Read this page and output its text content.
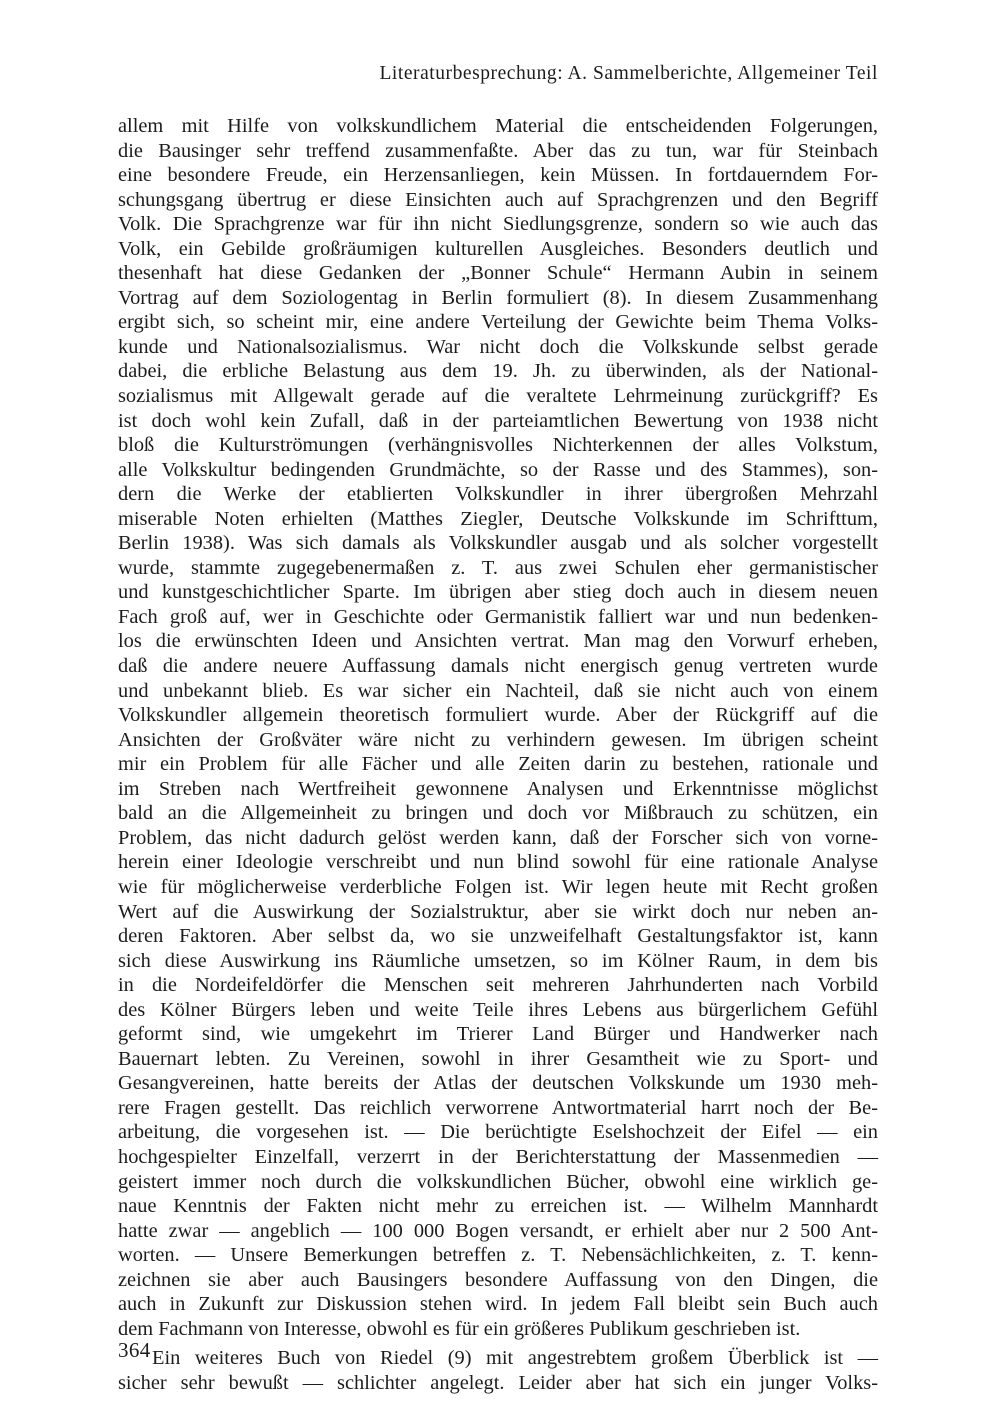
Literaturbesprechung: A. Sammelberichte, Allgemeiner Teil
allem mit Hilfe von volkskundlichem Material die entscheidenden Folgerungen,
die Bausinger sehr treffend zusammenfaßte. Aber das zu tun, war für Steinbach
eine besondere Freude, ein Herzensanliegen, kein Müssen. In fortdauerndem For-
schungsgang übertrug er diese Einsichten auch auf Sprachgrenzen und den Begriff
Volk. Die Sprachgrenze war für ihn nicht Siedlungsgrenze, sondern so wie auch das
Volk, ein Gebilde großräumigen kulturellen Ausgleiches. Besonders deutlich und
thesenhaft hat diese Gedanken der „Bonner Schule“ Hermann Aubin in seinem
Vortrag auf dem Soziologentag in Berlin formuliert (8). In diesem Zusammenhang
ergibt sich, so scheint mir, eine andere Verteilung der Gewichte beim Thema Volks-
kunde und Nationalsozialismus. War nicht doch die Volkskunde selbst gerade
dabei, die erbliche Belastung aus dem 19. Jh. zu überwinden, als der National-
sozialismus mit Allgewalt gerade auf die veraltete Lehrmeinung zurückgriff? Es
ist doch wohl kein Zufall, daß in der parteiamtlichen Bewertung von 1938 nicht
bloß die Kulturströmungen (verhängnisvolles Nichterkennen der alles Volkstum,
alle Volkskultur bedingenden Grundmächte, so der Rasse und des Stammes), son-
dern die Werke der etablierten Volkskundler in ihrer übergroßen Mehrzahl
miserable Noten erhielten (Matthes Ziegler, Deutsche Volkskunde im Schrifttum,
Berlin 1938). Was sich damals als Volkskundler ausgab und als solcher vorgestellt
wurde, stammte zugegebenermaßen z. T. aus zwei Schulen eher germanistischer
und kunstgeschichtlicher Sparte. Im übrigen aber stieg doch auch in diesem neuen
Fach groß auf, wer in Geschichte oder Germanistik falliert war und nun bedenken-
los die erwünschten Ideen und Ansichten vertrat. Man mag den Vorwurf erheben,
daß die andere neuere Auffassung damals nicht energisch genug vertreten wurde
und unbekannt blieb. Es war sicher ein Nachteil, daß sie nicht auch von einem
Volkskundler allgemein theoretisch formuliert wurde. Aber der Rückgriff auf die
Ansichten der Großväter wäre nicht zu verhindern gewesen. Im übrigen scheint
mir ein Problem für alle Fächer und alle Zeiten darin zu bestehen, rationale und
im Streben nach Wertfreiheit gewonnene Analysen und Erkenntnisse möglichst
bald an die Allgemeinheit zu bringen und doch vor Mißbrauch zu schützen, ein
Problem, das nicht dadurch gelöst werden kann, daß der Forscher sich von vorne-
herein einer Ideologie verschreibt und nun blind sowohl für eine rationale Analyse
wie für möglicherweise verderbliche Folgen ist. Wir legen heute mit Recht großen
Wert auf die Auswirkung der Sozialstruktur, aber sie wirkt doch nur neben an-
deren Faktoren. Aber selbst da, wo sie unzweifelhaft Gestaltungsfaktor ist, kann
sich diese Auswirkung ins Räumliche umsetzen, so im Kölner Raum, in dem bis
in die Nordeifeldörfer die Menschen seit mehreren Jahrhunderten nach Vorbild
des Kölner Bürgers leben und weite Teile ihres Lebens aus bürgerlichem Gefühl
geformt sind, wie umgekehrt im Trierer Land Bürger und Handwerker nach
Bauernart lebten. Zu Vereinen, sowohl in ihrer Gesamtheit wie zu Sport- und
Gesangvereinen, hatte bereits der Atlas der deutschen Volkskunde um 1930 meh-
rere Fragen gestellt. Das reichlich verworrene Antwortmaterial harrt noch der Be-
arbeitung, die vorgesehen ist. — Die berüchtigte Eselshochzeit der Eifel — ein
hochgespielter Einzelfall, verzerrt in der Berichterstattung der Massenmedien —
geistert immer noch durch die volkskundlichen Bücher, obwohl eine wirklich ge-
naue Kenntnis der Fakten nicht mehr zu erreichen ist. — Wilhelm Mannhardt
hatte zwar — angeblich — 100 000 Bogen versandt, er erhielt aber nur 2 500 Ant-
worten. — Unsere Bemerkungen betreffen z. T. Nebensächlichkeiten, z. T. kenn-
zeichnen sie aber auch Bausingers besondere Auffassung von den Dingen, die
auch in Zukunft zur Diskussion stehen wird. In jedem Fall bleibt sein Buch auch
dem Fachmann von Interesse, obwohl es für ein größeres Publikum geschrieben ist.
Ein weiteres Buch von Riedel (9) mit angestrebtem großem Überblick ist —
sicher sehr bewußt — schlichter angelegt. Leider aber hat sich ein junger Volks-
364
